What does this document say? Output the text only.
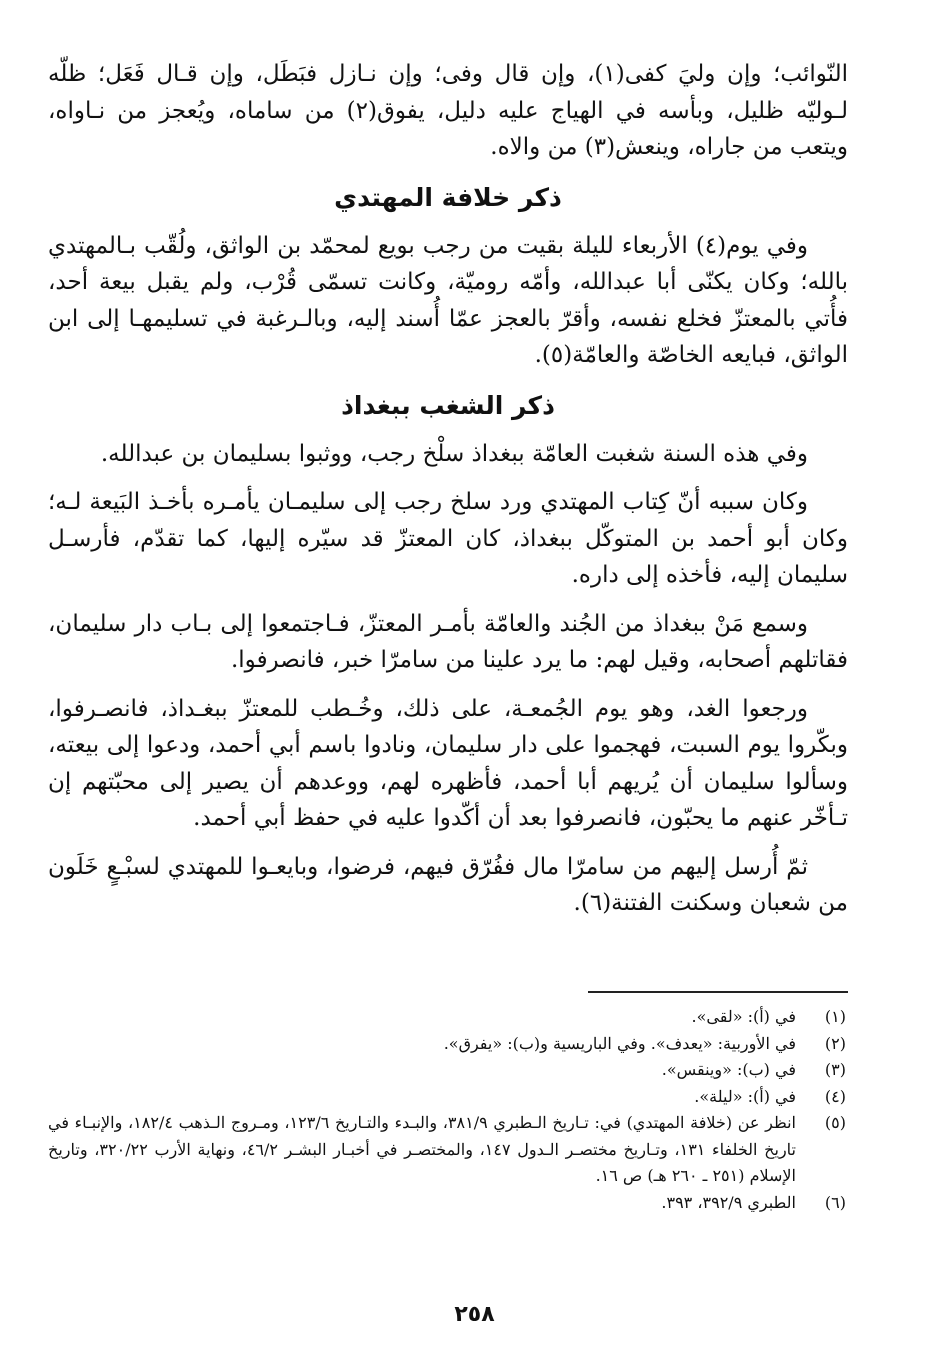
النّوائب؛ وإن وليَ كفى(١)، وإن قال وفى؛ وإن نـازل فبَطَل، وإن قـال فَعَل؛ ظلّه لـوليّه ظليل، وبأسه في الهياج عليه دليل، يفوق(٢) من ساماه، ويُعجز من نـاواه، ويتعب من جاراه، وينعش(٣) من والاه.

ذكر خلافة المهتدي

وفي يوم(٤) الأربعاء لليلة بقيت من رجب بويع لمحمّد بن الواثق، ولُقّب بـالمهتدي بالله؛ وكان يكنّى أبا عبدالله، وأمّه روميّة، وكانت تسمّى قُرْب، ولم يقبل بيعة أحد، فأُتي بالمعتزّ فخلع نفسه، وأقرّ بالعجز عمّا أُسند إليه، وبالـرغبة في تسليمهـا إلى ابن الواثق، فبايعه الخاصّة والعامّة(٥).

ذكر الشغب ببغداذ

وفي هذه السنة شغبت العامّة ببغداذ سلْخ رجب، ووثبوا بسليمان بن عبدالله.

وكان سببه أنّ كِتاب المهتدي ورد سلخ رجب إلى سليمـان يأمـره بأخـذ البَيعة لـه؛ وكان أبو أحمد بن المتوكّل ببغداذ، كان المعتزّ قد سيّره إليها، كما تقدّم، فأرسـل سليمان إليه، فأخذه إلى داره.

وسمع مَنْ ببغداذ من الجُند والعامّة بأمـر المعتزّ، فـاجتمعوا إلى بـاب دار سليمان، فقاتلهم أصحابه، وقيل لهم: ما يرد علينا من سامرّا خبر، فانصرفوا.

ورجعوا الغد، وهو يوم الجُمعـة، على ذلك، وخُـطب للمعتزّ ببغـداذ، فانصـرفوا، وبكّروا يوم السبت، فهجموا على دار سليمان، ونادوا باسم أبي أحمد، ودعوا إلى بيعته، وسألوا سليمان أن يُريهم أبا أحمد، فأظهره لهم، ووعدهم أن يصير إلى محبّتهم إن تـأخّر عنهم ما يحبّون، فانصرفوا بعد أن أكّدوا عليه في حفظ أبي أحمد.

ثمّ أُرسل إليهم من سامرّا مال ففُرّق فيهم، فرضوا، وبايعـوا للمهتدي لسبْـعٍ خَلَون من شعبان وسكنت الفتنة(٦).

(١)
في (أ): «لقى».
(٢)
في الأوربية: «يعدف». وفي الباريسية و(ب): «يفرق».
(٣)
في (ب): «وينقس».
(٤)
في (أ): «ليلة».
(٥)
انظر عن (خلافة المهتدي) في: تـاريخ الـطبري ٣٨١/٩، والبـدء والتـاريخ ١٢٣/٦، ومـروج الـذهب ١٨٢/٤، والإنبـاء في تاريخ الخلفاء ١٣١، وتـاريخ مختصـر الـدول ١٤٧، والمختصـر في أخبـار البشـر ٤٦/٢، ونهاية الأرب ٣٢٠/٢٢، وتاريخ الإسلام (٢٥١ ـ ٢٦٠ هـ) ص ١٦.
(٦)
الطبري ٣٩٢/٩، ٣٩٣.
٢٥٨
